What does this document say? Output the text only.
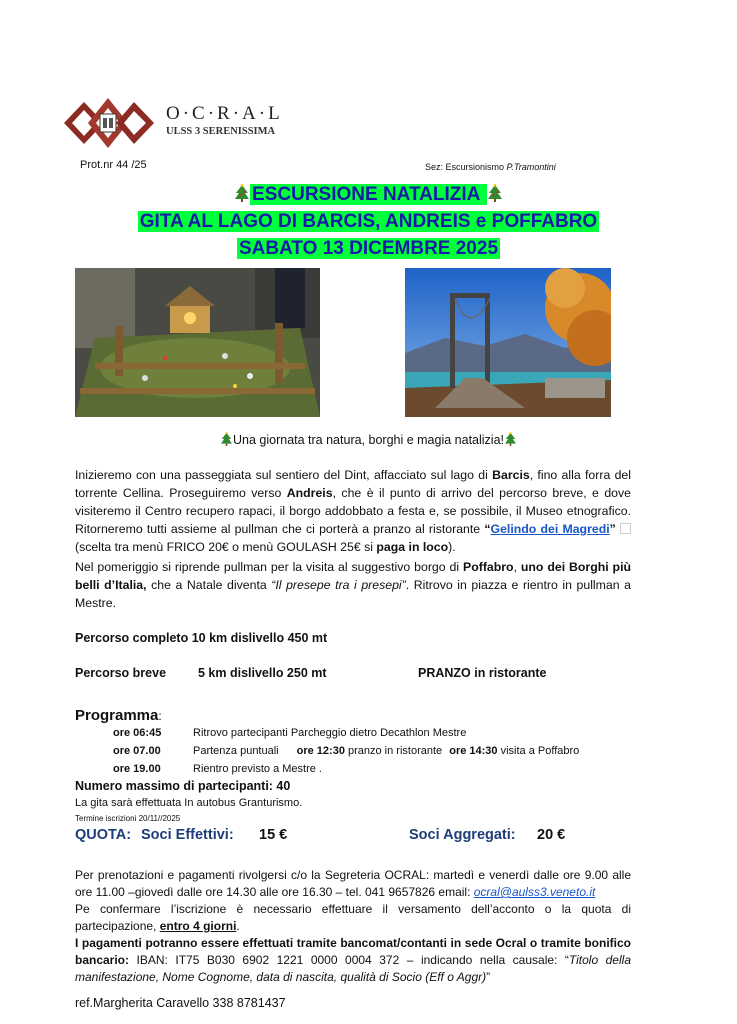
O·C·R·A·L
ULSS 3 SERENISSIMA
Prot.nr 44 /25	Sez: Escursionismo P.Tramontini
ESCURSIONE NATALIZIA
GITA AL LAGO DI BARCIS, ANDREIS e POFFABRO
SABATO 13 DICEMBRE 2025
Una giornata tra natura, borghi e magia natalizia!
Inizieremo con una passeggiata sul sentiero del Dint, affacciato sul lago di Barcis, fino alla forra del torrente Cellina. Proseguiremo verso Andreis, che è il punto di arrivo del percorso breve, e dove visiteremo il Centro recupero rapaci, il borgo addobbato a festa e, se possibile, il Museo etnografico. Ritorneremo tutti assieme al pullman che ci porterà a pranzo al ristorante “Gelindo dei Magredi”  (scelta tra menù FRICO 20€ o menù GOULASH 25€ si paga in loco).
Nel pomeriggio si riprende pullman per la visita al suggestivo borgo di Poffabro, uno dei Borghi più belli d’Italia, che a Natale diventa “Il presepe tra i presepi”. Ritrovo in piazza e rientro in pullman a Mestre.
Percorso completo 10 km dislivello 450 mt
Percorso breve	5 km dislivello 250 mt	PRANZO in ristorante
Programma:
ore 06:45	Ritrovo partecipanti Parcheggio dietro Decathlon Mestre
ore 07.00	Partenza puntuali ore 12:30 pranzo in ristorante ore 14:30 visita a Poffabro
ore 19.00	Rientro previsto a Mestre .
Numero massimo di partecipanti: 40
La gita sarà effettuata In autobus Granturismo.
Termine iscrizioni 20/11//2025
QUOTA: Soci Effettivi: 15 €	Soci Aggregati: 20 €
Per prenotazioni e pagamenti rivolgersi c/o la Segreteria OCRAL: martedì e venerdì dalle ore 9.00 alle ore 11.00 –giovedì dalle ore 14.30 alle ore 16.30 – tel. 041 9657826 email: ocral@aulss3.veneto.it
Pe confermare l’iscrizione è necessario effettuare il versamento dell’acconto o la quota di partecipazione, entro 4 giorni.
I pagamenti potranno essere effettuati tramite bancomat/contanti in sede Ocral o tramite bonifico bancario: IBAN: IT75 B030 6902 1221 0000 0004 372 – indicando nella causale: “Titolo della manifestazione, Nome Cognome, data di nascita, qualità di Socio (Eff o Aggr)”
ref.Margherita Caravello 338 8781437
